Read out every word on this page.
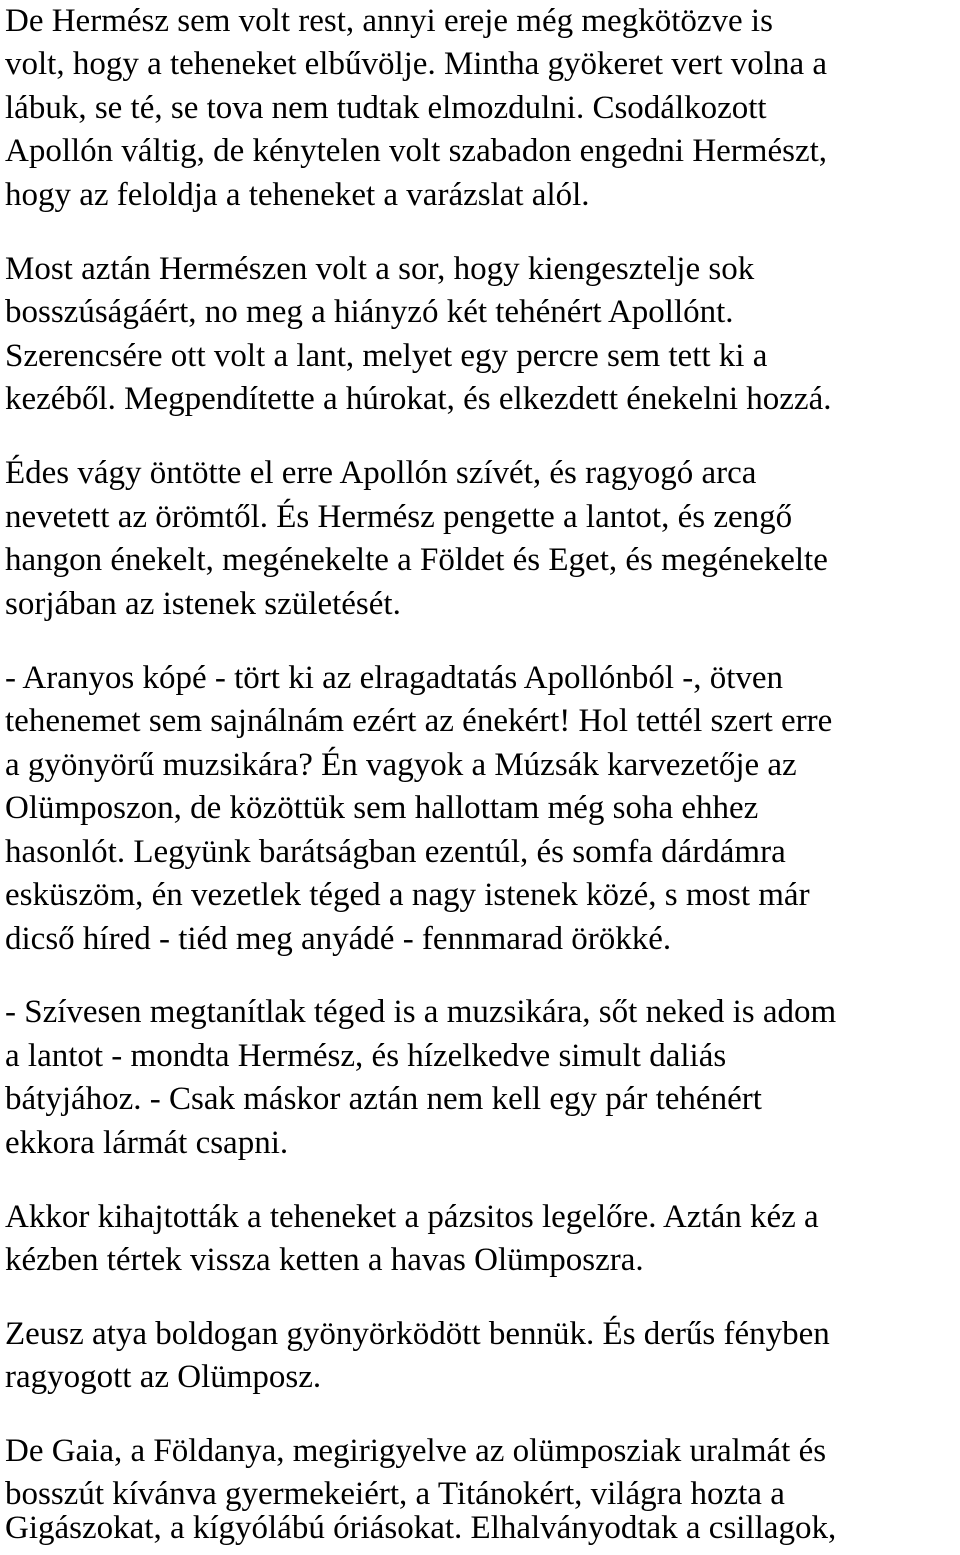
De Hermész sem volt rest, annyi ereje még megkötözve is
volt, hogy a teheneket elbűvölje. Mintha gyökeret vert volna a
lábuk, se té, se tova nem tudtak elmozdulni. Csodálkozott
Apollón váltig, de kénytelen volt szabadon engedni Hermészt,
hogy az feloldja a teheneket a varázslat alól.
Most aztán Hermészen volt a sor, hogy kiengesztelje sok
bosszúságáért, no meg a hiányzó két tehénért Apollónt.
Szerencsére ott volt a lant, melyet egy percre sem tett ki a
kezéből. Megpendítette a húrokat, és elkezdett énekelni hozzá.
Édes vágy öntötte el erre Apollón szívét, és ragyogó arca
nevetett az örömtől. És Hermész pengette a lantot, és zengő
hangon énekelt, megénekelte a Földet és Eget, és megénekelte
sorjában az istenek születését.
- Aranyos kópé - tört ki az elragadtatás Apollónból -, ötven
tehenemet sem sajnálnám ezért az énekért! Hol tettél szert erre
a gyönyörű muzsikára? Én vagyok a Múzsák karvezetője az
Olümposzon, de közöttük sem hallottam még soha ehhez
hasonlót. Legyünk barátságban ezentúl, és somfa dárdámra
esküszöm, én vezetlek téged a nagy istenek közé, s most már
dicső híred - tiéd meg anyádé - fennmarad örökké.
- Szívesen megtanítlak téged is a muzsikára, sőt neked is adom
a lantot - mondta Hermész, és hízelkedve simult daliás
bátyjához. - Csak máskor aztán nem kell egy pár tehénért
ekkora lármát csapni.
Akkor kihajtották a teheneket a pázsitos legelőre. Aztán kéz a
kézben tértek vissza ketten a havas Olümposzra.
Zeusz atya boldogan gyönyörködött bennük. És derűs fényben
ragyogott az Olümposz.
De Gaia, a Földanya, megirigyelve az olümposziak uralmát és
bosszút kívánva gyermekeiért, a Titánokért, világra hozta a
Gigászokat, a kígyólábú óriásokat. Elhalványodtak a csillagok,
